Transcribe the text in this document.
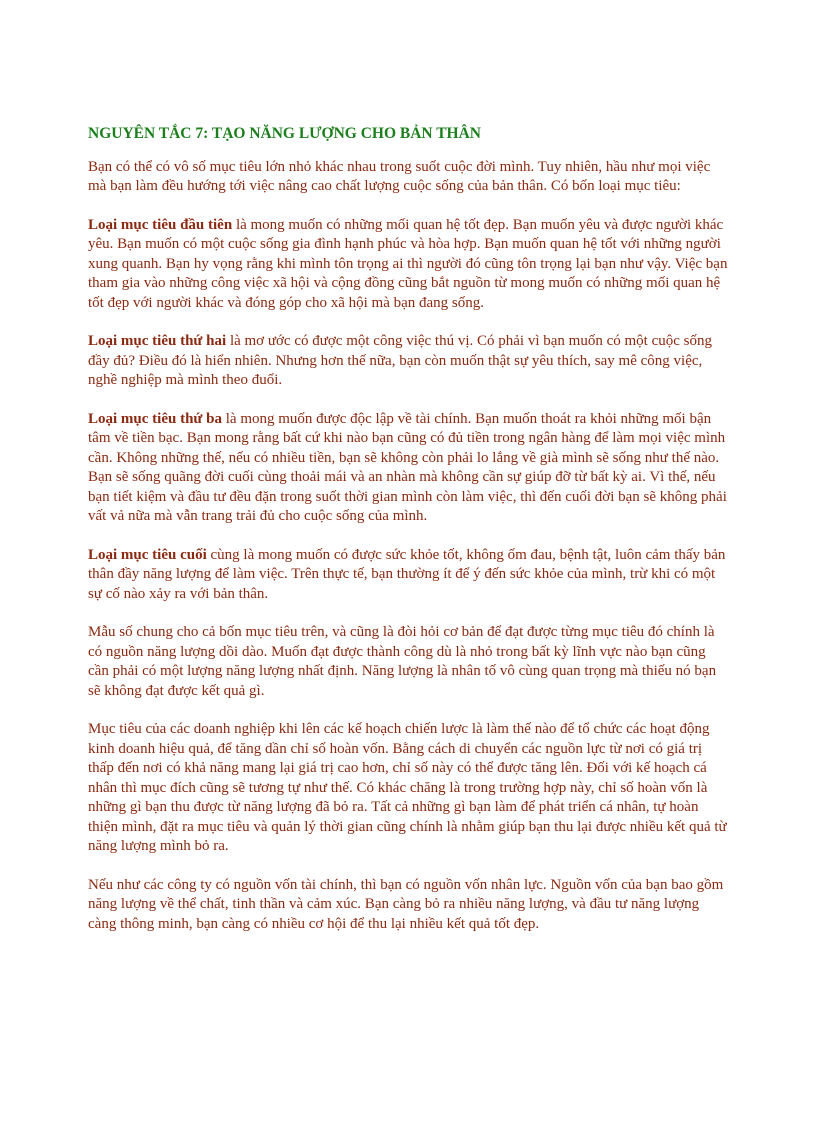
NGUYÊN TẮC 7: TẠO NĂNG LƯỢNG CHO BẢN THÂN

Bạn có thể có vô số mục tiêu lớn nhỏ khác nhau trong suốt cuộc đời mình. Tuy nhiên, hầu như mọi việc mà bạn làm đều hướng tới việc nâng cao chất lượng cuộc sống của bản thân. Có bốn loại mục tiêu:

Loại mục tiêu đầu tiên là mong muốn có những mối quan hệ tốt đẹp. Bạn muốn yêu và được người khác yêu. Bạn muốn có một cuộc sống gia đình hạnh phúc và hòa hợp. Bạn muốn quan hệ tốt với những người xung quanh. Bạn hy vọng rằng khi mình tôn trọng ai thì người đó cũng tôn trọng lại bạn như vậy. Việc bạn tham gia vào những công việc xã hội và cộng đồng cũng bắt nguồn từ mong muốn có những mối quan hệ tốt đẹp với người khác và đóng góp cho xã hội mà bạn đang sống.

Loại mục tiêu thứ hai là mơ ước có được một công việc thú vị. Có phải vì bạn muốn có một cuộc sống đầy đủ? Điều đó là hiển nhiên. Nhưng hơn thế nữa, bạn còn muốn thật sự yêu thích, say mê công việc, nghề nghiệp mà mình theo đuổi.

Loại mục tiêu thứ ba là mong muốn được độc lập về tài chính. Bạn muốn thoát ra khỏi những mối bận tâm về tiền bạc. Bạn mong rằng bất cứ khi nào bạn cũng có đủ tiền trong ngân hàng để làm mọi việc mình cần. Không những thế, nếu có nhiều tiền, bạn sẽ không còn phải lo lắng về già mình sẽ sống như thế nào. Bạn sẽ sống quãng đời cuối cùng thoải mái và an nhàn mà không cần sự giúp đỡ từ bất kỳ ai. Vì thế, nếu bạn tiết kiệm và đầu tư đều đặn trong suốt thời gian mình còn làm việc, thì đến cuối đời bạn sẽ không phải vất vả nữa mà vẫn trang trải đủ cho cuộc sống của mình.

Loại mục tiêu cuối cùng là mong muốn có được sức khỏe tốt, không ốm đau, bệnh tật, luôn cảm thấy bản thân đầy năng lượng để làm việc. Trên thực tế, bạn thường ít để ý đến sức khỏe của mình, trừ khi có một sự cố nào xảy ra với bản thân.

Mẫu số chung cho cả bốn mục tiêu trên, và cũng là đòi hỏi cơ bản để đạt được từng mục tiêu đó chính là có nguồn năng lượng dồi dào. Muốn đạt được thành công dù là nhỏ trong bất kỳ lĩnh vực nào bạn cũng cần phải có một lượng năng lượng nhất định. Năng lượng là nhân tố vô cùng quan trọng mà thiếu nó bạn sẽ không đạt được kết quả gì.

Mục tiêu của các doanh nghiệp khi lên các kế hoạch chiến lược là làm thế nào để tổ chức các hoạt động kinh doanh hiệu quả, để tăng dần chỉ số hoàn vốn. Bằng cách di chuyển các nguồn lực từ nơi có giá trị thấp đến nơi có khả năng mang lại giá trị cao hơn, chỉ số này có thể được tăng lên. Đối với kế hoạch cá nhân thì mục đích cũng sẽ tương tự như thế. Có khác chăng là trong trường hợp này, chỉ số hoàn vốn là những gì bạn thu được từ năng lượng đã bỏ ra. Tất cả những gì bạn làm để phát triển cá nhân, tự hoàn thiện mình, đặt ra mục tiêu và quản lý thời gian cũng chính là nhằm giúp bạn thu lại được nhiều kết quả từ năng lượng mình bỏ ra.

Nếu như các công ty có nguồn vốn tài chính, thì bạn có nguồn vốn nhân lực. Nguồn vốn của bạn bao gồm năng lượng về thể chất, tinh thần và cảm xúc. Bạn càng bỏ ra nhiều năng lượng, và đầu tư năng lượng càng thông minh, bạn càng có nhiều cơ hội để thu lại nhiều kết quả tốt đẹp.
